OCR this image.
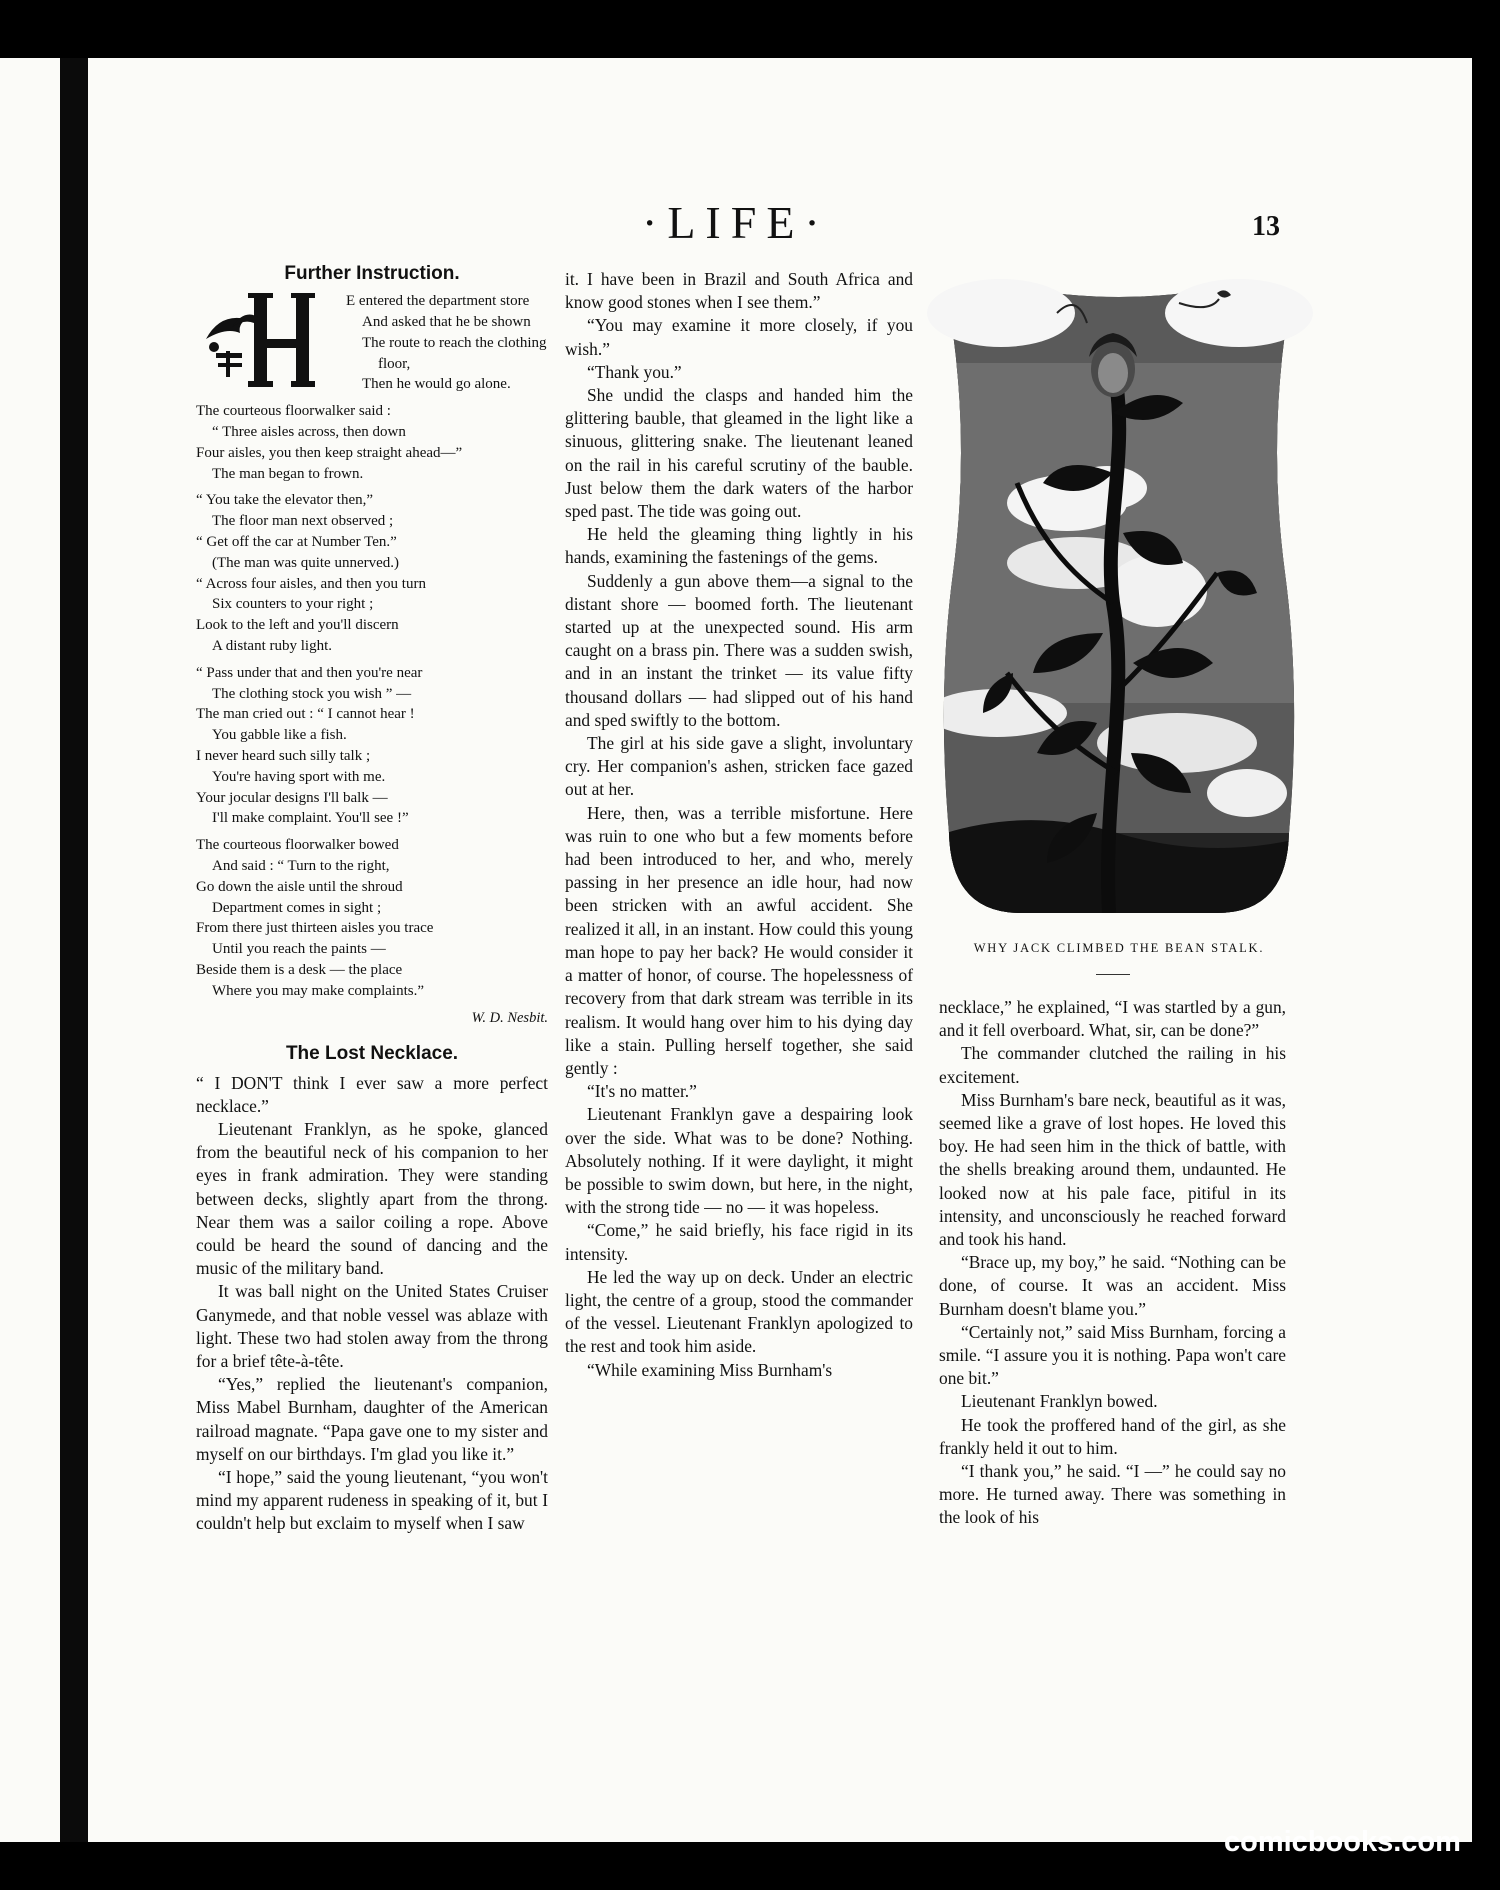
·LIFE·	13
Further Instruction.
E entered the department store
And asked that he be shown
The route to reach the clothing
floor,
Then he would go alone.
The courteous floorwalker said :
“ Three aisles across, then down
Four aisles, you then keep straight ahead—”
The man began to frown.
“ You take the elevator then,”
The floor man next observed ;
“ Get off the car at Number Ten.”
(The man was quite unnerved.)
“ Across four aisles, and then you turn
Six counters to your right ;
Look to the left and you'll discern
A distant ruby light.
“ Pass under that and then you're near
The clothing stock you wish ” —
The man cried out : “ I cannot hear !
You gabble like a fish.
I never heard such silly talk ;
You're having sport with me.
Your jocular designs I'll balk —
I'll make complaint. You'll see !”
The courteous floorwalker bowed
And said : “ Turn to the right,
Go down the aisle until the shroud
Department comes in sight ;
From there just thirteen aisles you trace
Until you reach the paints —
Beside them is a desk — the place
Where you may make complaints.”
W. D. Nesbit.
The Lost Necklace.

“ I DON'T think I ever saw a more perfect necklace.”

Lieutenant Franklyn, as he spoke, glanced from the beautiful neck of his companion to her eyes in frank admiration. They were standing between decks, slightly apart from the throng. Near them was a sailor coiling a rope. Above could be heard the sound of dancing and the music of the military band.

It was ball night on the United States Cruiser Ganymede, and that noble vessel was ablaze with light. These two had stolen away from the throng for a brief tête-à-tête.

“Yes,” replied the lieutenant's companion, Miss Mabel Burnham, daughter of the American railroad magnate. “Papa gave one to my sister and myself on our birthdays. I'm glad you like it.”

“I hope,” said the young lieutenant, “you won't mind my apparent rudeness in speaking of it, but I couldn't help but exclaim to myself when I saw

it. I have been in Brazil and South Africa and know good stones when I see them.”

“You may examine it more closely, if you wish.”

“Thank you.”

She undid the clasps and handed him the glittering bauble, that gleamed in the light like a sinuous, glittering snake. The lieutenant leaned on the rail in his careful scrutiny of the bauble. Just below them the dark waters of the harbor sped past. The tide was going out.

He held the gleaming thing lightly in his hands, examining the fastenings of the gems.

Suddenly a gun above them—a signal to the distant shore — boomed forth. The lieutenant started up at the unexpected sound. His arm caught on a brass pin. There was a sudden swish, and in an instant the trinket — its value fifty thousand dollars — had slipped out of his hand and sped swiftly to the bottom.

The girl at his side gave a slight, involuntary cry. Her companion's ashen, stricken face gazed out at her.

Here, then, was a terrible misfortune. Here was ruin to one who but a few moments before had been introduced to her, and who, merely passing in her presence an idle hour, had now been stricken with an awful accident. She realized it all, in an instant. How could this young man hope to pay her back? He would consider it a matter of honor, of course. The hopelessness of recovery from that dark stream was terrible in its realism. It would hang over him to his dying day like a stain. Pulling herself together, she said gently :

“It's no matter.”

Lieutenant Franklyn gave a despairing look over the side. What was to be done? Nothing. Absolutely nothing. If it were daylight, it might be possible to swim down, but here, in the night, with the strong tide — no — it was hopeless.

“Come,” he said briefly, his face rigid in its intensity.

He led the way up on deck. Under an electric light, the centre of a group, stood the commander of the vessel. Lieutenant Franklyn apologized to the rest and took him aside.

“While examining Miss Burnham's

WHY JACK CLIMBED THE BEAN STALK.

necklace,” he explained, “I was startled by a gun, and it fell overboard. What, sir, can be done?”

The commander clutched the railing in his excitement.

Miss Burnham's bare neck, beautiful as it was, seemed like a grave of lost hopes. He loved this boy. He had seen him in the thick of battle, with the shells breaking around them, undaunted. He looked now at his pale face, pitiful in its intensity, and unconsciously he reached forward and took his hand.

“Brace up, my boy,” he said. “Nothing can be done, of course. It was an accident. Miss Burnham doesn't blame you.”

“Certainly not,” said Miss Burnham, forcing a smile. “I assure you it is nothing. Papa won't care one bit.”

Lieutenant Franklyn bowed.

He took the proffered hand of the girl, as she frankly held it out to him.

“I thank you,” he said. “I —” he could say no more. He turned away. There was something in the look of his

comicbooks.com
